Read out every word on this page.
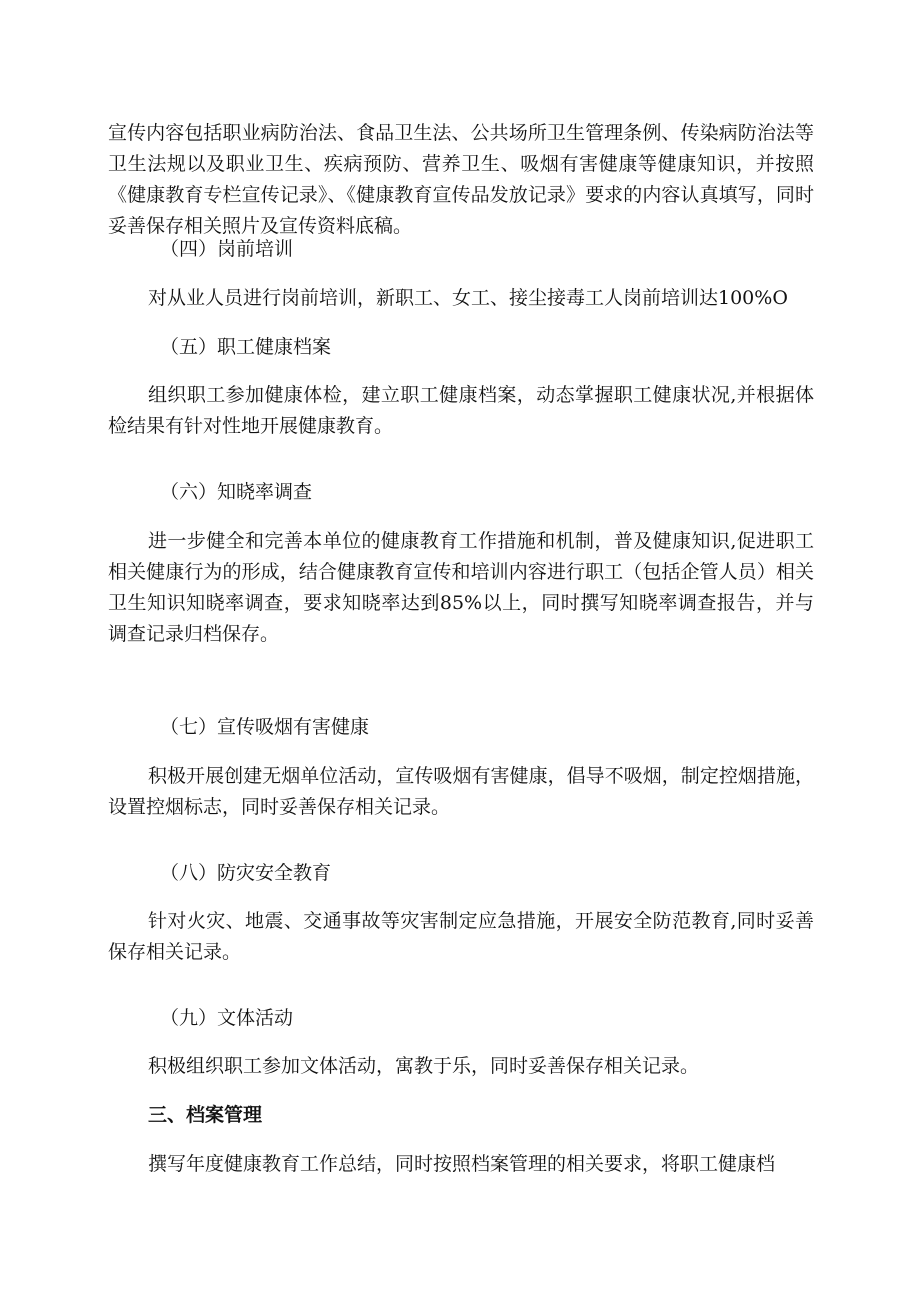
宣传内容包括职业病防治法、食品卫生法、公共场所卫生管理条例、传染病防治法等卫生法规以及职业卫生、疾病预防、营养卫生、吸烟有害健康等健康知识，并按照《健康教育专栏宣传记录》、《健康教育宣传品发放记录》要求的内容认真填写，同时妥善保存相关照片及宣传资料底稿。

（四）岗前培训

对从业人员进行岗前培训，新职工、女工、接尘接毒工人岗前培训达100%O

（五）职工健康档案

组织职工参加健康体检，建立职工健康档案，动态掌握职工健康状况,并根据体检结果有针对性地开展健康教育。

（六）知晓率调查

进一步健全和完善本单位的健康教育工作措施和机制，普及健康知识,促进职工相关健康行为的形成，结合健康教育宣传和培训内容进行职工（包括企管人员）相关卫生知识知晓率调查，要求知晓率达到85%以上，同时撰写知晓率调查报告，并与调查记录归档保存。

（七）宣传吸烟有害健康

积极开展创建无烟单位活动，宣传吸烟有害健康，倡导不吸烟，制定控烟措施，设置控烟标志，同时妥善保存相关记录。

（八）防灾安全教育

针对火灾、地震、交通事故等灾害制定应急措施，开展安全防范教育,同时妥善保存相关记录。

（九）文体活动

积极组织职工参加文体活动，寓教于乐，同时妥善保存相关记录。

三、档案管理

撰写年度健康教育工作总结，同时按照档案管理的相关要求，将职工健康档
